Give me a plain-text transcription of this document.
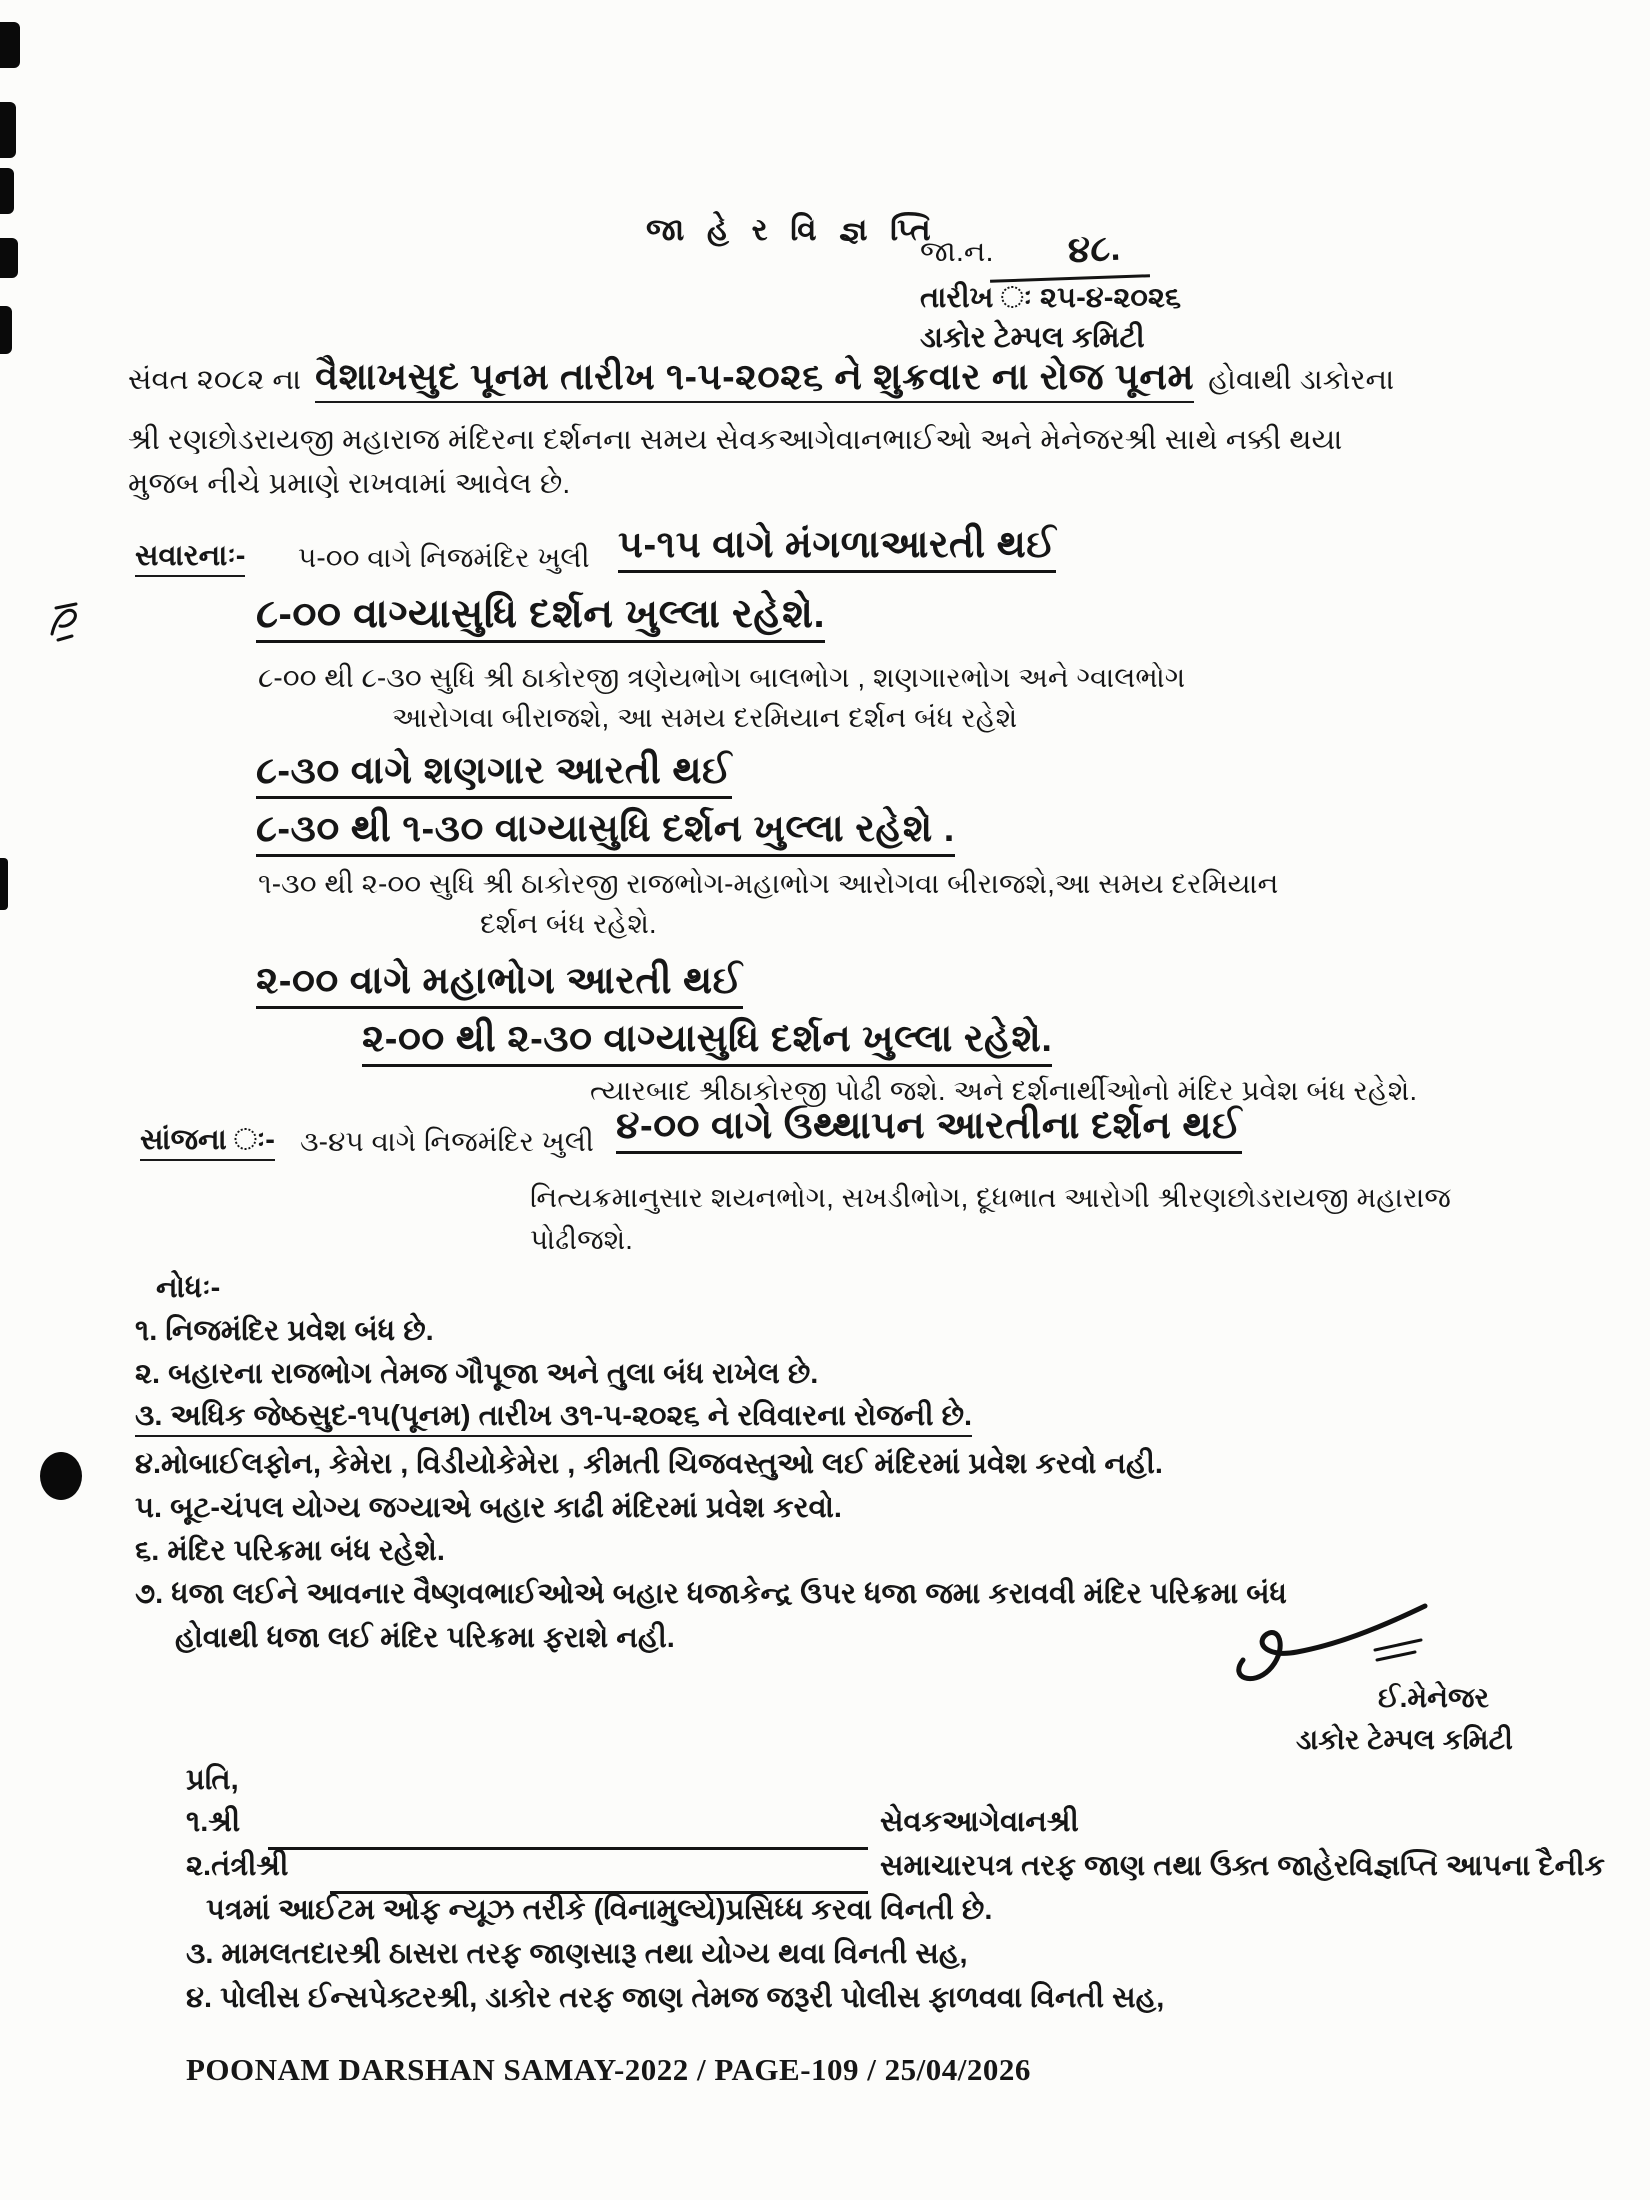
જા હે ર વિ જ્ઞ પ્તિ
જા.ન. ૪૮.
તારીખ ઃ ૨૫-૪-૨૦૨૬
ડાકોર ટેમ્પલ કમિટી
સંવત ૨૦૮૨ ના વૈશાખસુદ પૂનમ તારીખ ૧-૫-૨૦૨૬ ને શુક્રવાર ના રોજ પૂનમ હોવાથી ડાકોરના
શ્રી રણછોડરાયજી મહારાજ મંદિરના દર્શનના સમય સેવકઆગેવાનભાઈઓ અને મેનેજરશ્રી સાથે નક્કી થયા
મુજબ નીચે પ્રમાણે રાખવામાં આવેલ છે.
સવારનાઃ- ૫-૦૦ વાગે નિજમંદિર ખુલી ૫-૧૫ વાગે મંગળાઆરતી થઈ
૮-૦૦ વાગ્યાસુધિ દર્શન ખુલ્લા રહેશે.
૮-૦૦ થી ૮-૩૦ સુધિ શ્રી ઠાકોરજી ત્રણેયભોગ બાલભોગ , શણગારભોગ અને ગ્વાલભોગ
આરોગવા બીરાજશે, આ સમય દરમિયાન દર્શન બંધ રહેશે
૮-૩૦ વાગે શણગાર આરતી થઈ
૮-૩૦ થી ૧-૩૦ વાગ્યાસુધિ દર્શન ખુલ્લા રહેશે .
૧-૩૦ થી ૨-૦૦ સુધિ શ્રી ઠાકોરજી રાજભોગ-મહાભોગ આરોગવા બીરાજશે,આ સમય દરમિયાન
દર્શન બંધ રહેશે.
૨-૦૦ વાગે મહાભોગ આરતી થઈ
૨-૦૦ થી ૨-૩૦ વાગ્યાસુધિ દર્શન ખુલ્લા રહેશે.
ત્યારબાદ શ્રીઠાકોરજી પોઢી જશે. અને દર્શનાર્થીઓનો મંદિર પ્રવેશ બંધ રહેશે.
સાંજના ઃ- ૩-૪૫ વાગે નિજમંદિર ખુલી ૪-૦૦ વાગે ઉથ્થાપન આરતીના દર્શન થઈ
નિત્યક્રમાનુસાર શયનભોગ, સખડીભોગ, દૂધભાત આરોગી શ્રીરણછોડરાયજી મહારાજ
પોઢીજશે.
નોધઃ-
૧. નિજમંદિર પ્રવેશ બંધ છે.
૨. બહારના રાજભોગ તેમજ ગૌપૂજા અને તુલા બંધ રાખેલ છે.
૩. અધિક જેષ્ઠસુદ-૧૫(પૂનમ) તારીખ ૩૧-૫-૨૦૨૬ ને રવિવારના રોજની છે.
૪.મોબાઈલફોન, કેમેરા , વિડીયોકેમેરા , કીમતી ચિજવસ્તુઓ લઈ મંદિરમાં પ્રવેશ કરવો નહી.
૫. બૂટ-ચંપલ યોગ્ય જગ્યાએ બહાર કાઢી મંદિરમાં પ્રવેશ કરવો.
૬. મંદિર પરિક્રમા બંધ રહેશે.
૭. ધજા લઈને આવનાર વૈષ્ણવભાઈઓએ બહાર ધજાકેન્દ્ર ઉપર ધજા જમા કરાવવી મંદિર પરિક્રમા બંધ
હોવાથી ધજા લઈ મંદિર પરિક્રમા ફરાશે નહી.
ઈ.મેનેજર
ડાકોર ટેમ્પલ કમિટી
પ્રતિ,
૧.શ્રી	સેવકઆગેવાનશ્રી
૨.તંત્રીશ્રી	સમાચારપત્ર તરફ જાણ તથા ઉક્ત જાહેરવિજ્ઞપ્તિ આપના દૈનીક
પત્રમાં આઈટમ ઓફ ન્યૂઝ તરીકે (વિનામુલ્યે)પ્રસિધ્ધ કરવા વિનતી છે.
૩. મામલતદારશ્રી ઠાસરા તરફ જાણસારૂ તથા યોગ્ય થવા વિનતી સહ,
૪. પોલીસ ઈન્સપેક્ટરશ્રી, ડાકોર તરફ જાણ તેમજ જરૂરી પોલીસ ફાળવવા વિનતી સહ,
POONAM DARSHAN SAMAY-2022 / PAGE-109 / 25/04/2026
